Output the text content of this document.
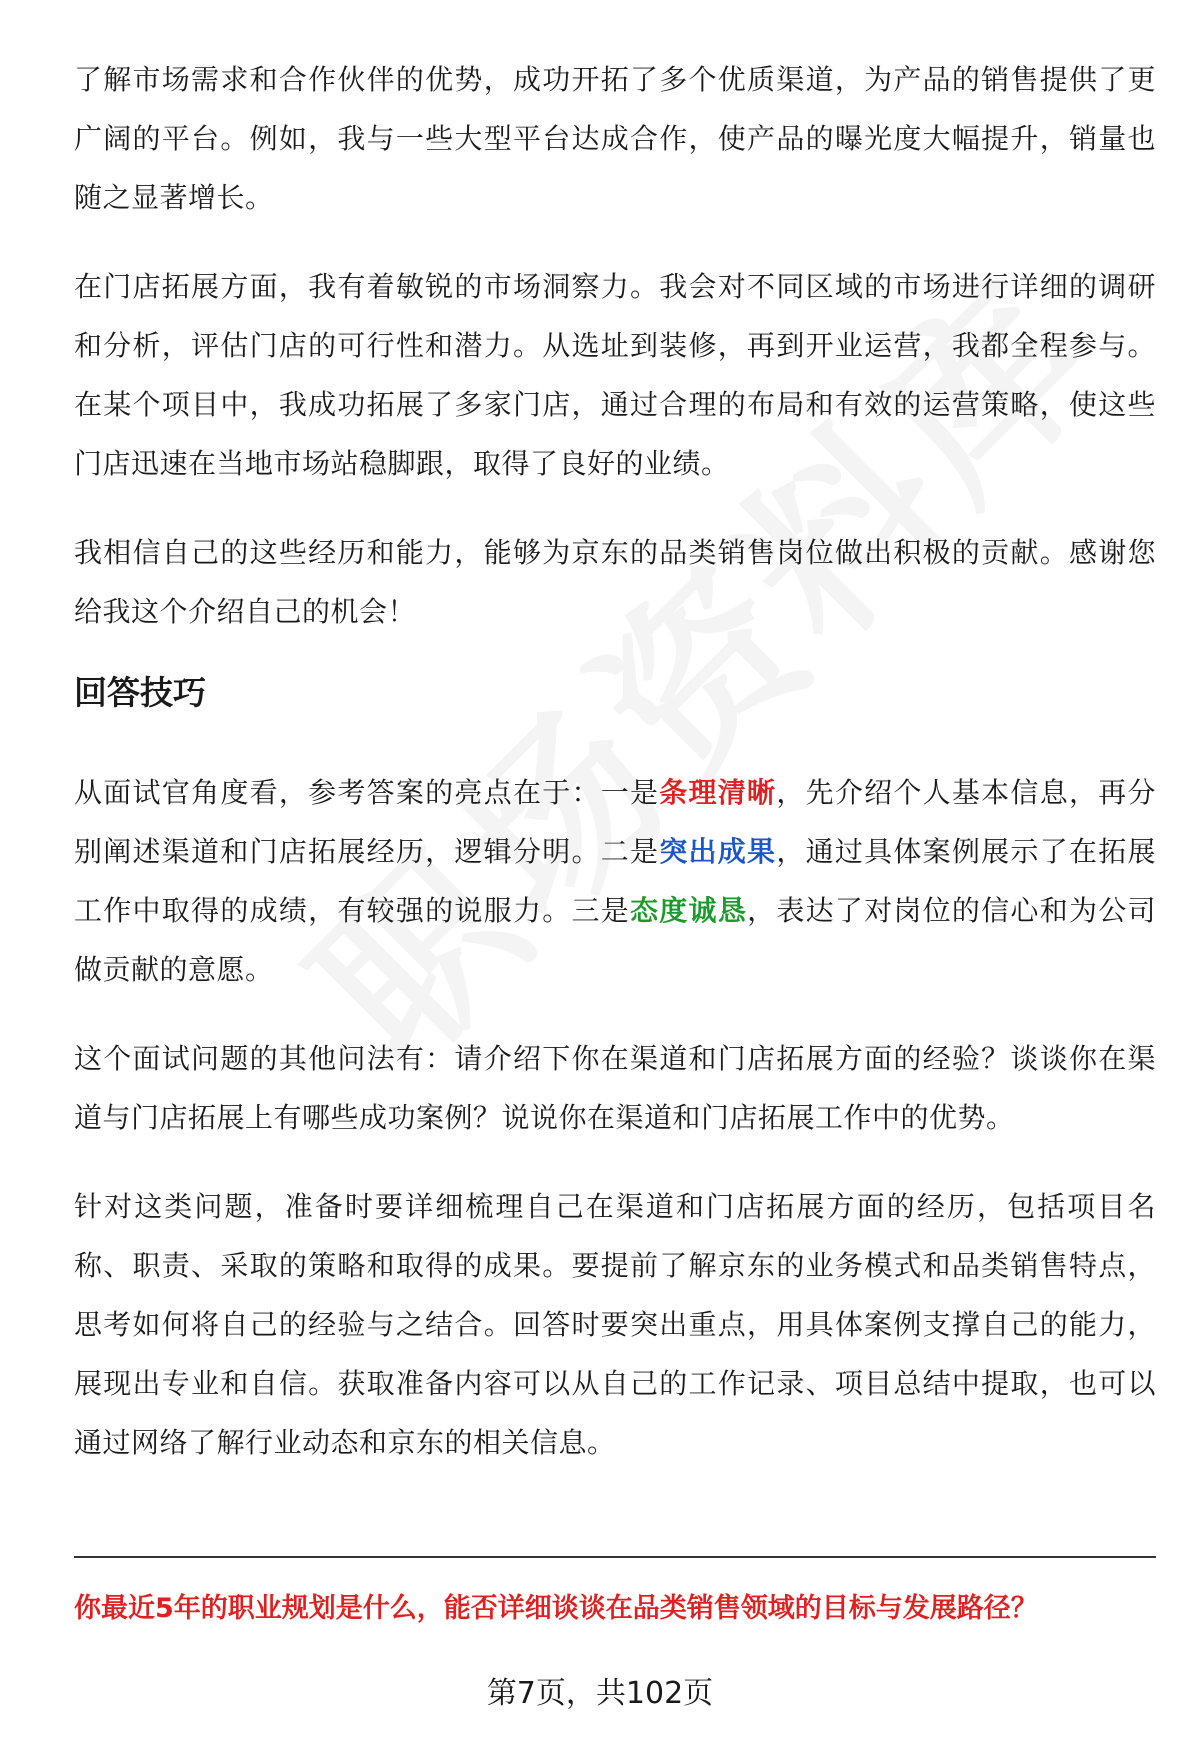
了解市场需求和合作伙伴的优势，成功开拓了多个优质渠道，为产品的销售提供了更广阔的平台。例如，我与一些大型平台达成合作，使产品的曝光度大幅提升，销量也随之显著增长。

在门店拓展方面，我有着敏锐的市场洞察力。我会对不同区域的市场进行详细的调研和分析，评估门店的可行性和潜力。从选址到装修，再到开业运营，我都全程参与。在某个项目中，我成功拓展了多家门店，通过合理的布局和有效的运营策略，使这些门店迅速在当地市场站稳脚跟，取得了良好的业绩。

我相信自己的这些经历和能力，能够为京东的品类销售岗位做出积极的贡献。感谢您给我这个介绍自己的机会！

回答技巧

从面试官角度看，参考答案的亮点在于：一是条理清晰，先介绍个人基本信息，再分别阐述渠道和门店拓展经历，逻辑分明。二是突出成果，通过具体案例展示了在拓展工作中取得的成绩，有较强的说服力。三是态度诚恳，表达了对岗位的信心和为公司做贡献的意愿。

这个面试问题的其他问法有：请介绍下你在渠道和门店拓展方面的经验？谈谈你在渠道与门店拓展上有哪些成功案例？说说你在渠道和门店拓展工作中的优势。

针对这类问题，准备时要详细梳理自己在渠道和门店拓展方面的经历，包括项目名称、职责、采取的策略和取得的成果。要提前了解京东的业务模式和品类销售特点，思考如何将自己的经验与之结合。回答时要突出重点，用具体案例支撑自己的能力，展现出专业和自信。获取准备内容可以从自己的工作记录、项目总结中提取，也可以通过网络了解行业动态和京东的相关信息。

你最近5年的职业规划是什么，能否详细谈谈在品类销售领域的目标与发展路径？
第7页，共102页
